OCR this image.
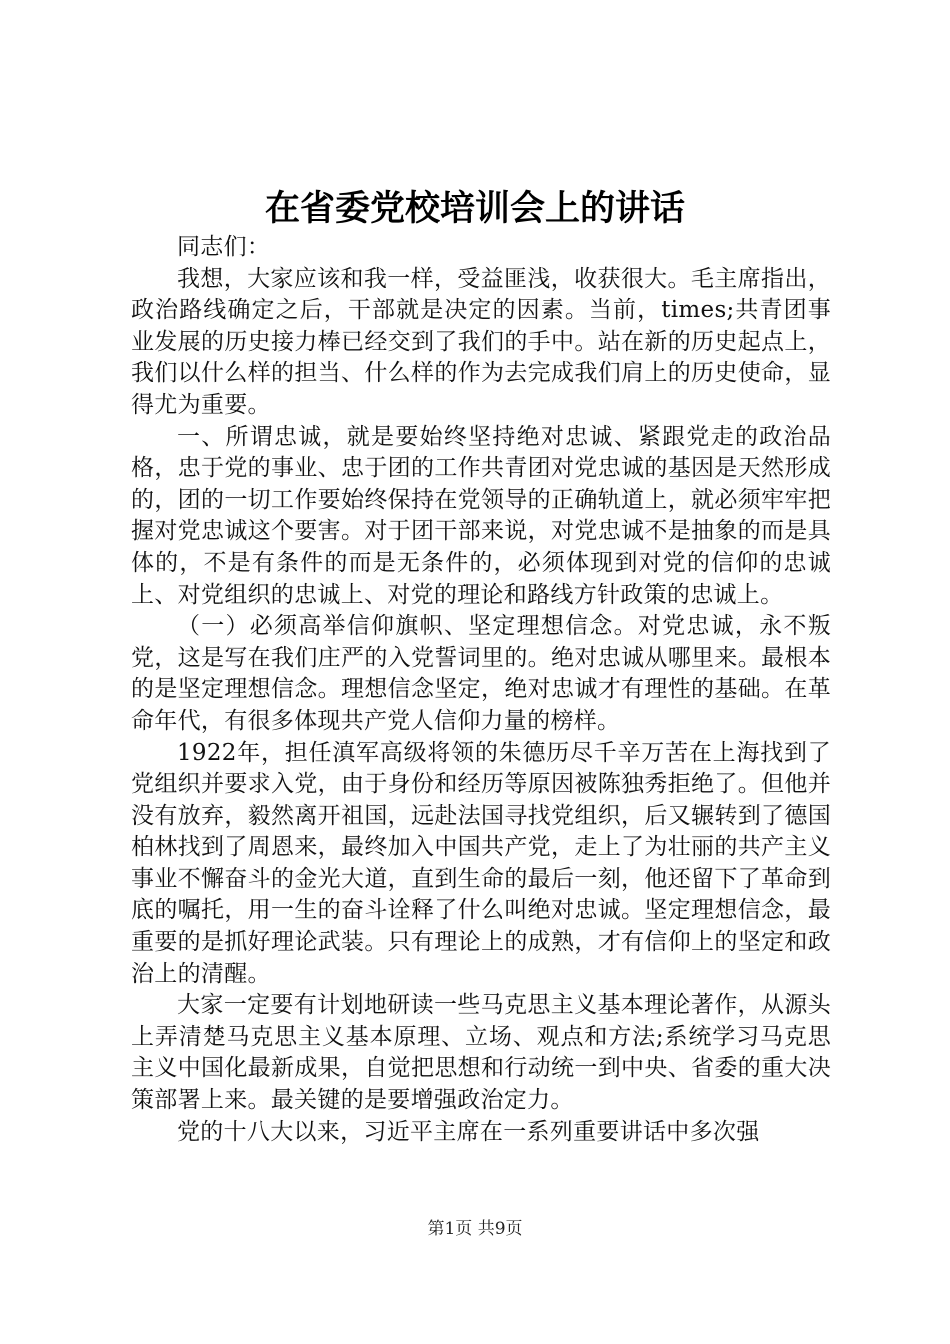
在省委党校培训会上的讲话

同志们：

我想，大家应该和我一样，受益匪浅，收获很大。毛主席指出，政治路线确定之后，干部就是决定的因素。当前，times;共青团事业发展的历史接力棒已经交到了我们的手中。站在新的历史起点上，我们以什么样的担当、什么样的作为去完成我们肩上的历史使命，显得尤为重要。

一、所谓忠诚，就是要始终坚持绝对忠诚、紧跟党走的政治品格，忠于党的事业、忠于团的工作共青团对党忠诚的基因是天然形成的，团的一切工作要始终保持在党领导的正确轨道上，就必须牢牢把握对党忠诚这个要害。对于团干部来说，对党忠诚不是抽象的而是具体的，不是有条件的而是无条件的，必须体现到对党的信仰的忠诚上、对党组织的忠诚上、对党的理论和路线方针政策的忠诚上。

（一）必须高举信仰旗帜、坚定理想信念。对党忠诚，永不叛党，这是写在我们庄严的入党誓词里的。绝对忠诚从哪里来。最根本的是坚定理想信念。理想信念坚定，绝对忠诚才有理性的基础。在革命年代，有很多体现共产党人信仰力量的榜样。

1922年，担任滇军高级将领的朱德历尽千辛万苦在上海找到了党组织并要求入党，由于身份和经历等原因被陈独秀拒绝了。但他并没有放弃，毅然离开祖国，远赴法国寻找党组织，后又辗转到了德国柏林找到了周恩来，最终加入中国共产党，走上了为壮丽的共产主义事业不懈奋斗的金光大道，直到生命的最后一刻，他还留下了革命到底的嘱托，用一生的奋斗诠释了什么叫绝对忠诚。坚定理想信念，最重要的是抓好理论武装。只有理论上的成熟，才有信仰上的坚定和政治上的清醒。

大家一定要有计划地研读一些马克思主义基本理论著作，从源头上弄清楚马克思主义基本原理、立场、观点和方法;系统学习马克思主义中国化最新成果，自觉把思想和行动统一到中央、省委的重大决策部署上来。最关键的是要增强政治定力。

党的十八大以来，习近平主席在一系列重要讲话中多次强

第1页 共9页
